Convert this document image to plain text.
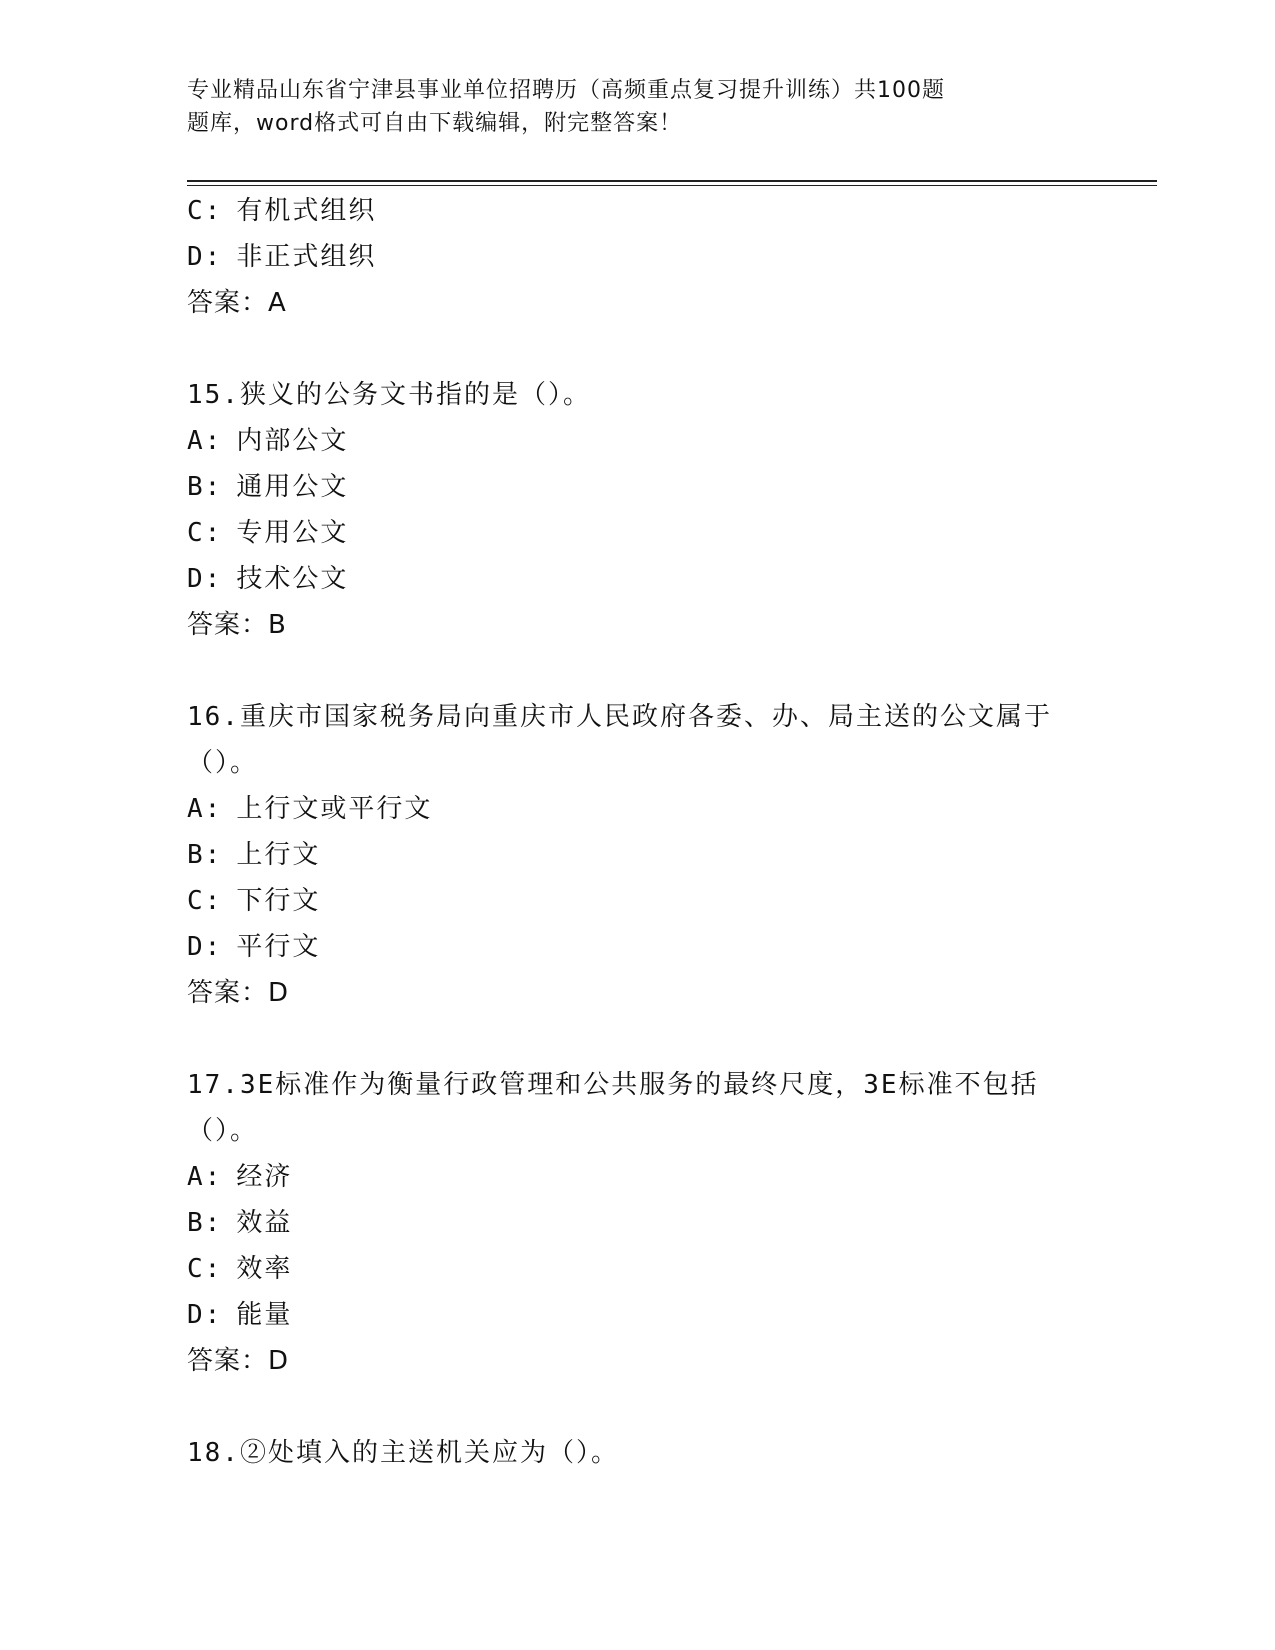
专业精品山东省宁津县事业单位招聘历（高频重点复习提升训练）共100题
题库，word格式可自由下载编辑，附完整答案！
C: 有机式组织
D: 非正式组织
答案：A
15.狭义的公务文书指的是（）。
A: 内部公文
B: 通用公文
C: 专用公文
D: 技术公文
答案：B
16.重庆市国家税务局向重庆市人民政府各委、办、局主送的公文属于
（）。
A: 上行文或平行文
B: 上行文
C: 下行文
D: 平行文
答案：D
17.3E标准作为衡量行政管理和公共服务的最终尺度，3E标准不包括
（）。
A: 经济
B: 效益
C: 效率
D: 能量
答案：D
18.②处填入的主送机关应为（）。
